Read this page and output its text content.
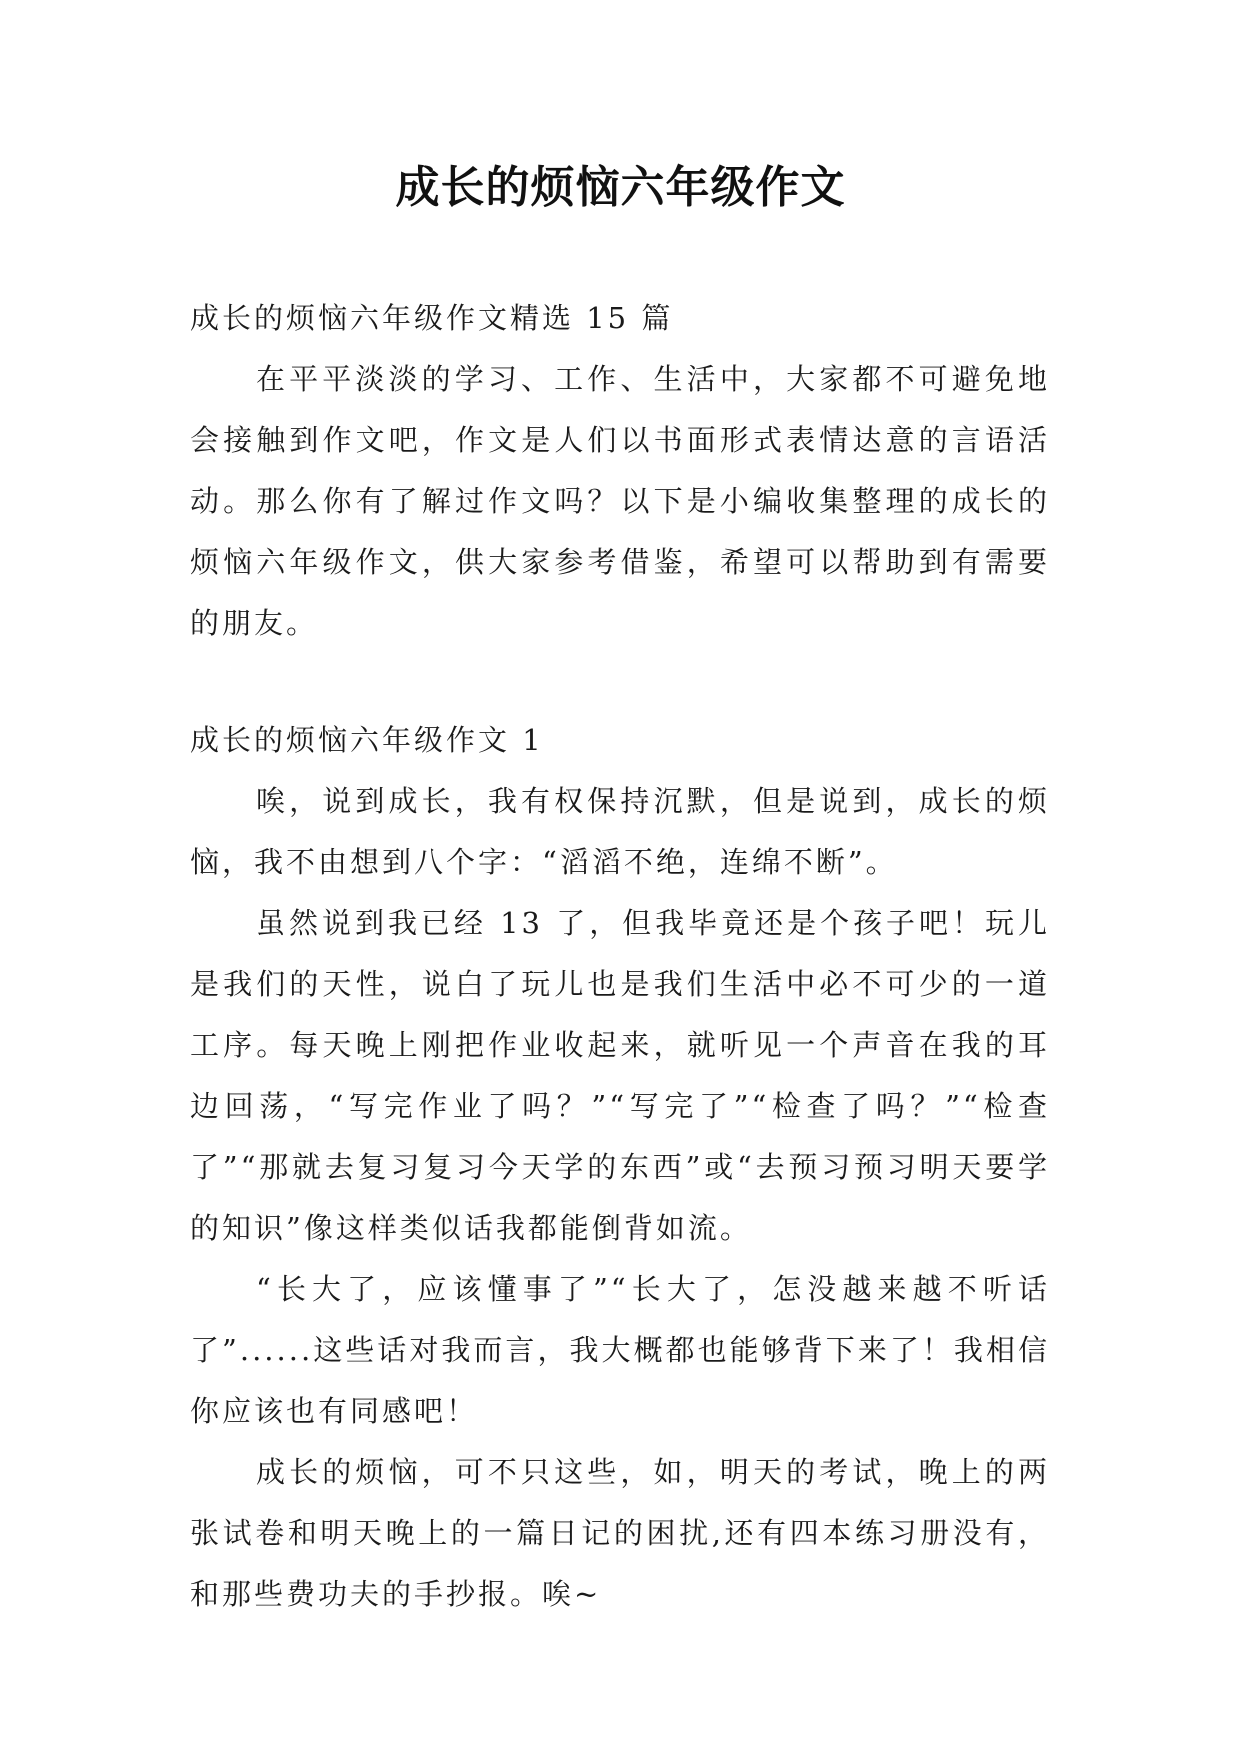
成长的烦恼六年级作文

成长的烦恼六年级作文精选 15 篇

在平平淡淡的学习、工作、生活中，大家都不可避免地会接触到作文吧，作文是人们以书面形式表情达意的言语活动。那么你有了解过作文吗？以下是小编收集整理的成长的烦恼六年级作文，供大家参考借鉴，希望可以帮助到有需要的朋友。

成长的烦恼六年级作文 1

唉，说到成长，我有权保持沉默，但是说到，成长的烦恼，我不由想到八个字：“滔滔不绝，连绵不断”。

虽然说到我已经 13 了，但我毕竟还是个孩子吧！玩儿是我们的天性，说白了玩儿也是我们生活中必不可少的一道工序。每天晚上刚把作业收起来，就听见一个声音在我的耳边回荡，“写完作业了吗？”“写完了”“检查了吗？”“检查了”“那就去复习复习今天学的东西”或“去预习预习明天要学的知识”像这样类似话我都能倒背如流。

“长大了，应该懂事了”“长大了，怎没越来越不听话了”......这些话对我而言，我大概都也能够背下来了！我相信你应该也有同感吧！

成长的烦恼，可不只这些，如，明天的考试，晚上的两张试卷和明天晚上的一篇日记的困扰,还有四本练习册没有，和那些费功夫的手抄报。唉~
